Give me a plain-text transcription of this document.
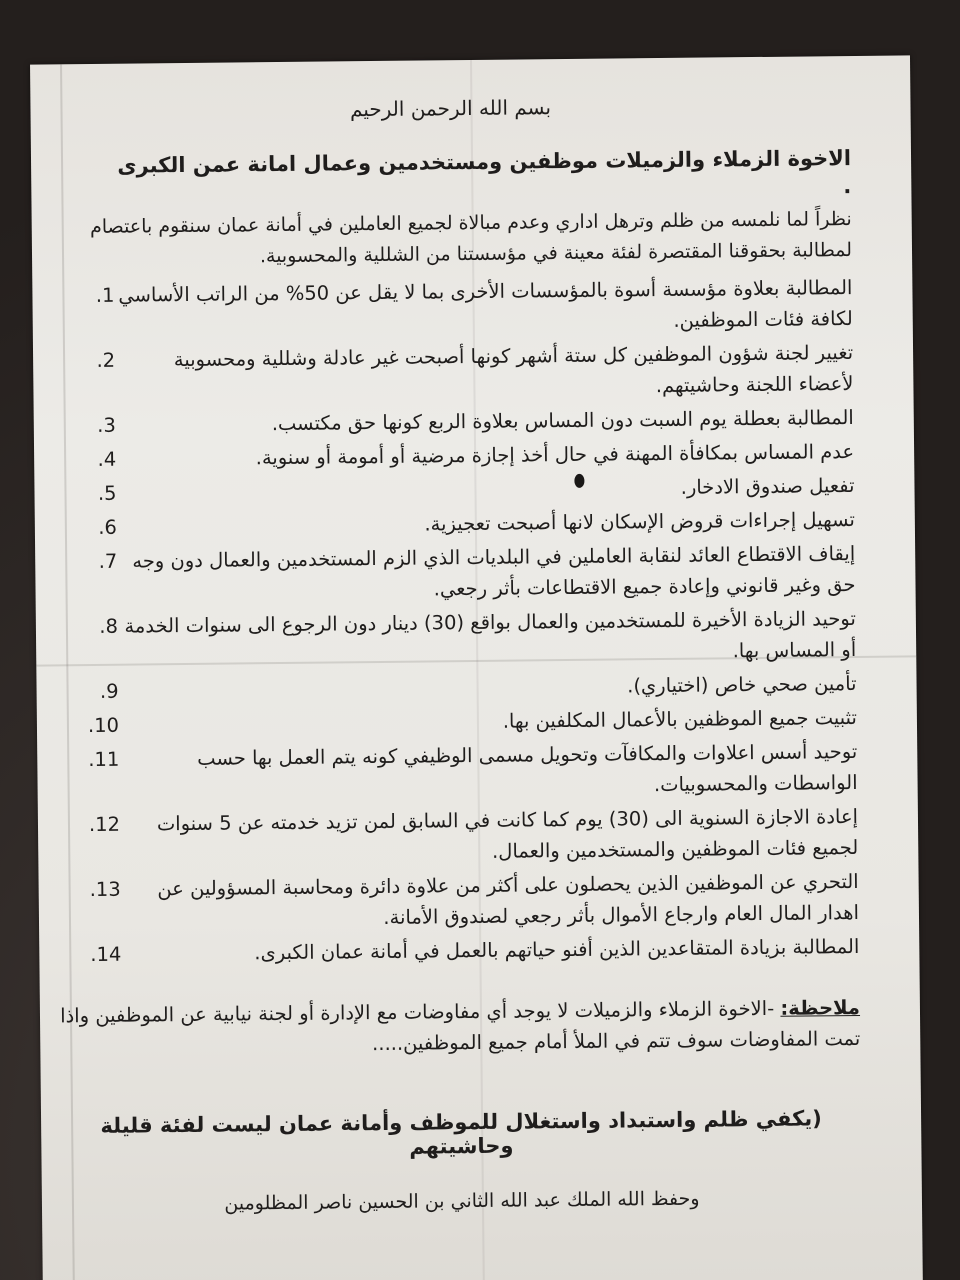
بسم الله الرحمن الرحيم
الاخوة الزملاء والزميلات موظفين ومستخدمين وعمال امانة عمن الكبرى
.
نظراً لما نلمسه من ظلم وترهل اداري وعدم مبالاة لجميع العاملين في أمانة عمان سنقوم باعتصام لمطالبة بحقوقنا المقتصرة لفئة معينة في مؤسستنا من الشللية والمحسوبية.
المطالبة بعلاوة مؤسسة أسوة بالمؤسسات الأخرى بما لا يقل عن 50% من الراتب الأساسي لكافة فئات الموظفين.
.1
تغيير لجنة شؤون الموظفين كل ستة أشهر كونها أصبحت غير عادلة وشللية ومحسوبية لأعضاء اللجنة وحاشيتهم.
.2
المطالبة بعطلة يوم السبت دون المساس بعلاوة الربع كونها حق مكتسب.
.3
عدم المساس بمكافأة المهنة في حال أخذ إجازة مرضية أو أمومة أو سنوية.
.4
تفعيل صندوق الادخار.
.5
تسهيل إجراءات قروض الإسكان لانها أصبحت تعجيزية.
.6
إيقاف الاقتطاع العائد لنقابة العاملين في البلديات الذي الزم المستخدمين والعمال دون وجه حق وغير قانوني وإعادة جميع الاقتطاعات بأثر رجعي.
.7
توحيد الزيادة الأخيرة للمستخدمين والعمال بواقع (30) دينار دون الرجوع الى سنوات الخدمة أو المساس بها.
.8
تأمين صحي خاص (اختياري).
.9
تثبيت جميع الموظفين بالأعمال المكلفين بها.
.10
توحيد أسس اعلاوات والمكافآت وتحويل مسمى الوظيفي كونه يتم العمل بها حسب الواسطات والمحسوبيات.
.11
إعادة الاجازة السنوية الى (30) يوم كما كانت في السابق لمن تزيد خدمته عن 5 سنوات لجميع فئات الموظفين والمستخدمين والعمال.
.12
التحري عن الموظفين الذين يحصلون على أكثر من علاوة دائرة ومحاسبة المسؤولين عن اهدار المال العام وارجاع الأموال بأثر رجعي لصندوق الأمانة.
.13
المطالبة بزيادة المتقاعدين الذين أفنو حياتهم بالعمل في أمانة عمان الكبرى.
.14
ملاحظة: -الاخوة الزملاء والزميلات لا يوجد أي مفاوضات مع الإدارة أو لجنة نيابية عن الموظفين واذا تمت المفاوضات سوف تتم في الملأ أمام جميع الموظفين.....
(يكفي ظلم واستبداد واستغلال للموظف وأمانة عمان ليست لفئة قليلة وحاشيتهم
وحفظ الله الملك عبد الله الثاني بن الحسين ناصر المظلومين
